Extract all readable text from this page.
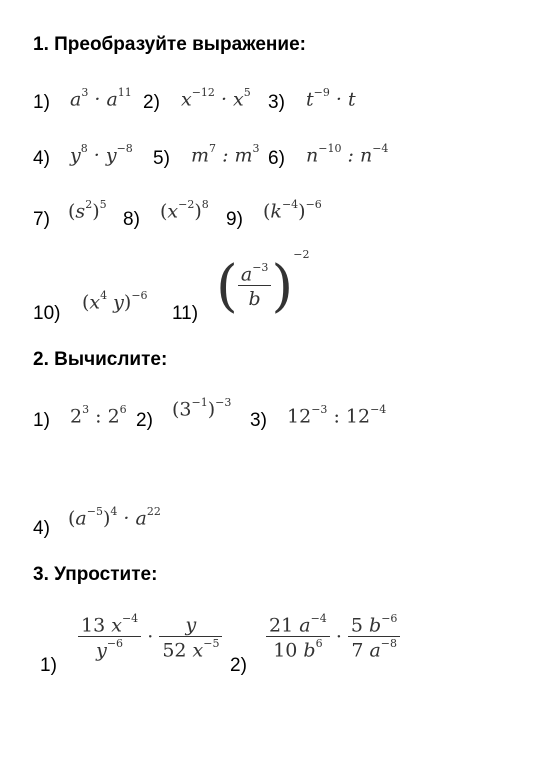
1. Преобразуйте выражение:
1) $a^3 \cdot a^{11}$ 2) $x^{-12} \cdot x^5$ 3) $t^{-9} \cdot t$
4) $y^8 \cdot y^{-8}$ 5) $m^7$ : $m^3$ 6) $n^{-10}$ : $n^{-4}$
7) $(s^2)^5$
8) $(x^{-2})^8$
9) $(k^{-4})^{-6}$
10)
($x^4$ y)$^{-6}$
11) ( $\frac{a^{-3}}{b} )^{-2}$
2. Вычислите:
1) $2^3$ : $2^6$
2)
$(3^{-1})^{-3}$
3) $12^{-3}$ : $12^{-4}$
4) $(a^{-5})^4 \cdot a^{22}$
3. Упростите:
1)
$\frac{13 x^{-4}}{y^{-6}} \cdot \frac{y}{52 x^{-5}}$
2)
$\frac{21 a^{-4}}{10 b^6} \cdot \frac{5 b^{-6}}{7 a^{-8}}$
